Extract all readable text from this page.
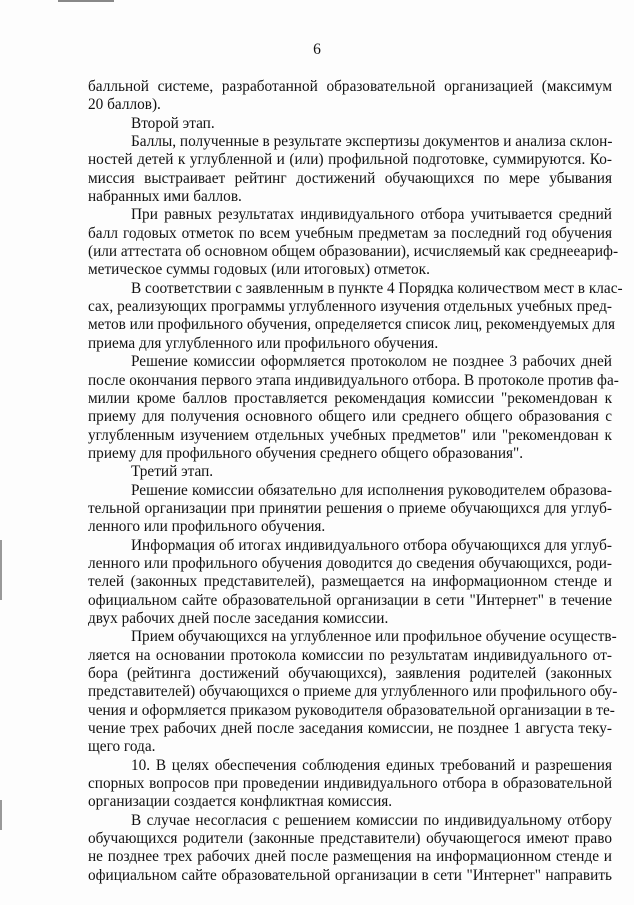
6
балльной системе, разработанной образовательной организацией (максимум
20 баллов).
Второй этап.
Баллы, полученные в результате экспертизы документов и анализа склон-
ностей детей к углубленной и (или) профильной подготовке, суммируются. Ко-
миссия выстраивает рейтинг достижений обучающихся по мере убывания
набранных ими баллов.
При равных результатах индивидуального отбора учитывается средний
балл годовых отметок по всем учебным предметам за последний год обучения
(или аттестата об основном общем образовании), исчисляемый как среднееариф-
метическое суммы годовых (или итоговых) отметок.
В соответствии с заявленным в пункте 4 Порядка количеством мест в клас-
сах, реализующих программы углубленного изучения отдельных учебных пред-
метов или профильного обучения, определяется список лиц, рекомендуемых для
приема для углубленного или профильного обучения.
Решение комиссии оформляется протоколом не позднее 3 рабочих дней
после окончания первого этапа индивидуального отбора. В протоколе против фа-
милии кроме баллов проставляется рекомендация комиссии "рекомендован к
приему для получения основного общего или среднего общего образования с
углубленным изучением отдельных учебных предметов" или "рекомендован к
приему для профильного обучения среднего общего образования".
Третий этап.
Решение комиссии обязательно для исполнения руководителем образова-
тельной организации при принятии решения о приеме обучающихся для углуб-
ленного или профильного обучения.
Информация об итогах индивидуального отбора обучающихся для углуб-
ленного или профильного обучения доводится до сведения обучающихся, роди-
телей (законных представителей), размещается на информационном стенде и
официальном сайте образовательной организации в сети "Интернет" в течение
двух рабочих дней после заседания комиссии.
Прием обучающихся на углубленное или профильное обучение осуществ-
ляется на основании протокола комиссии по результатам индивидуального от-
бора (рейтинга достижений обучающихся), заявления родителей (законных
представителей) обучающихся о приеме для углубленного или профильного обу-
чения и оформляется приказом руководителя образовательной организации в те-
чение трех рабочих дней после заседания комиссии, не позднее 1 августа теку-
щего года.
10. В целях обеспечения соблюдения единых требований и разрешения
спорных вопросов при проведении индивидуального отбора в образовательной
организации создается конфликтная комиссия.
В случае несогласия с решением комиссии по индивидуальному отбору
обучающихся родители (законные представители) обучающегося имеют право
не позднее трех рабочих дней после размещения на информационном стенде и
официальном сайте образовательной организации в сети "Интернет" направить
